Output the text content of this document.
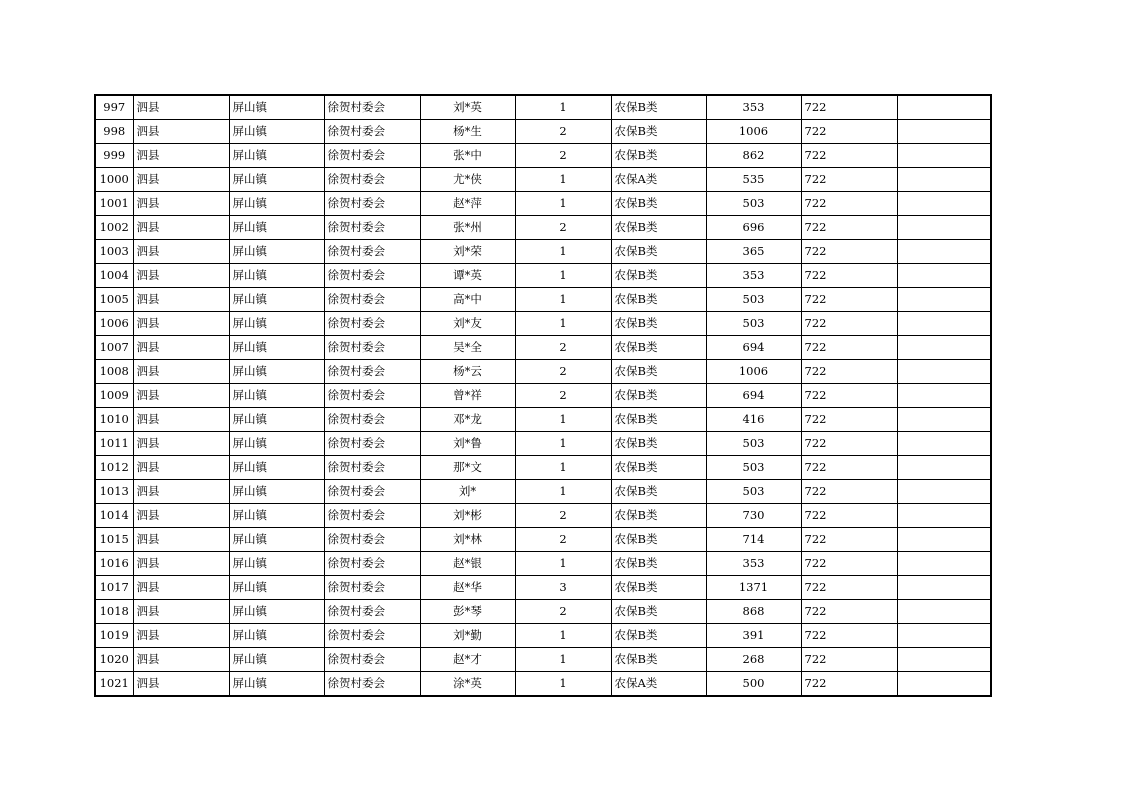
997	泗县	屏山镇	徐贺村委会	刘*英	1	农保B类	353	722	
998	泗县	屏山镇	徐贺村委会	杨*生	2	农保B类	1006	722	
999	泗县	屏山镇	徐贺村委会	张*中	2	农保B类	862	722	
1000	泗县	屏山镇	徐贺村委会	尤*侠	1	农保A类	535	722	
1001	泗县	屏山镇	徐贺村委会	赵*萍	1	农保B类	503	722	
1002	泗县	屏山镇	徐贺村委会	张*州	2	农保B类	696	722	
1003	泗县	屏山镇	徐贺村委会	刘*荣	1	农保B类	365	722	
1004	泗县	屏山镇	徐贺村委会	谭*英	1	农保B类	353	722	
1005	泗县	屏山镇	徐贺村委会	高*中	1	农保B类	503	722	
1006	泗县	屏山镇	徐贺村委会	刘*友	1	农保B类	503	722	
1007	泗县	屏山镇	徐贺村委会	吴*全	2	农保B类	694	722	
1008	泗县	屏山镇	徐贺村委会	杨*云	2	农保B类	1006	722	
1009	泗县	屏山镇	徐贺村委会	曾*祥	2	农保B类	694	722	
1010	泗县	屏山镇	徐贺村委会	邓*龙	1	农保B类	416	722	
1011	泗县	屏山镇	徐贺村委会	刘*鲁	1	农保B类	503	722	
1012	泗县	屏山镇	徐贺村委会	那*文	1	农保B类	503	722	
1013	泗县	屏山镇	徐贺村委会	刘*	1	农保B类	503	722	
1014	泗县	屏山镇	徐贺村委会	刘*彬	2	农保B类	730	722	
1015	泗县	屏山镇	徐贺村委会	刘*林	2	农保B类	714	722	
1016	泗县	屏山镇	徐贺村委会	赵*银	1	农保B类	353	722	
1017	泗县	屏山镇	徐贺村委会	赵*华	3	农保B类	1371	722	
1018	泗县	屏山镇	徐贺村委会	彭*琴	2	农保B类	868	722	
1019	泗县	屏山镇	徐贺村委会	刘*勤	1	农保B类	391	722	
1020	泗县	屏山镇	徐贺村委会	赵*才	1	农保B类	268	722	
1021	泗县	屏山镇	徐贺村委会	涂*英	1	农保A类	500	722	
